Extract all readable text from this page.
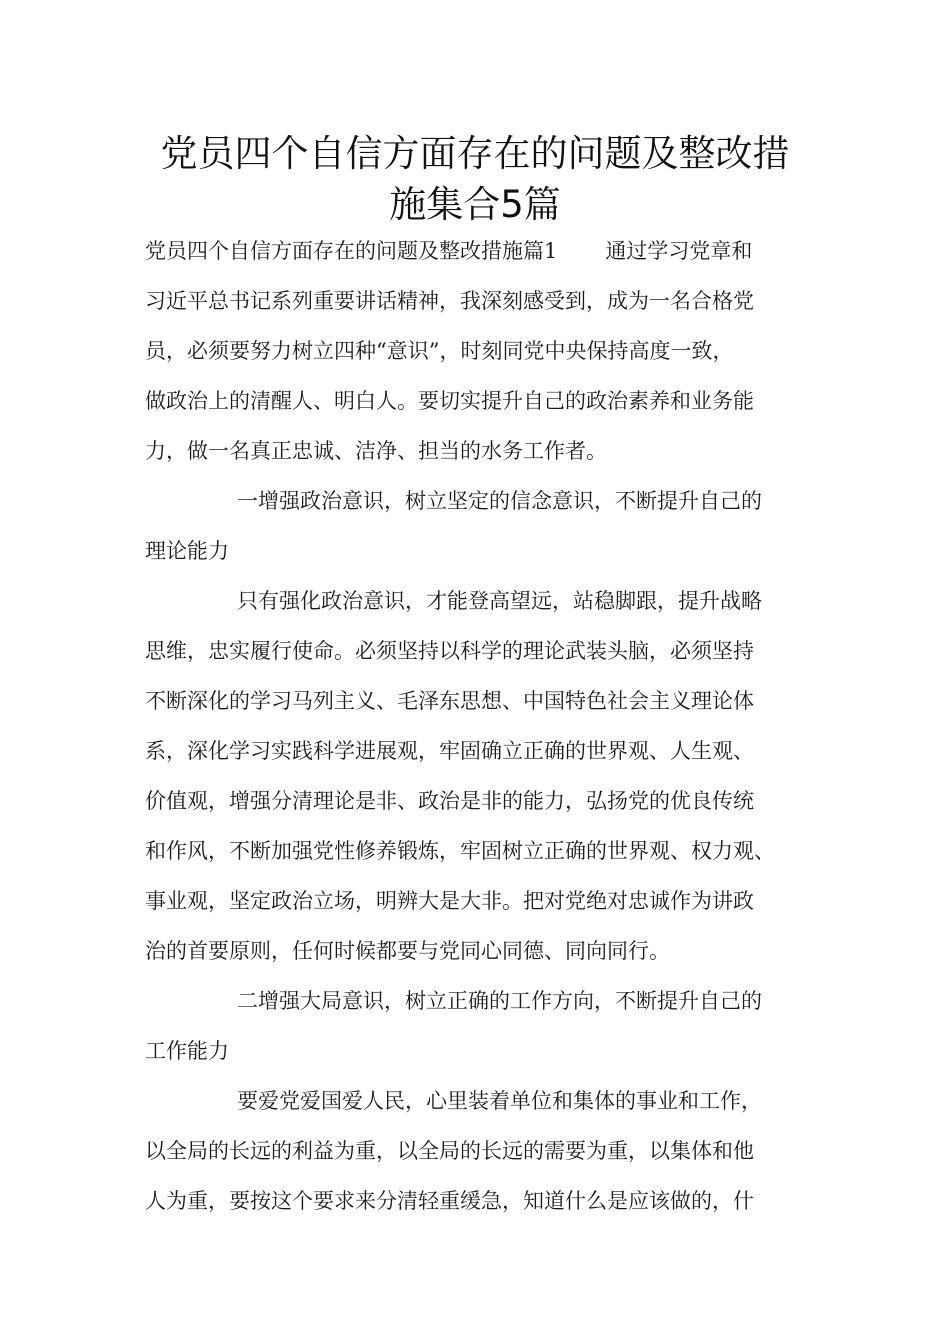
党员四个自信方面存在的问题及整改措
施集合5篇
党员四个自信方面存在的问题及整改措施篇1 通过学习党章和
习近平总书记系列重要讲话精神，我深刻感受到，成为一名合格党
员，必须要努力树立四种“意识”，时刻同党中央保持高度一致，
做政治上的清醒人、明白人。要切实提升自己的政治素养和业务能
力，做一名真正忠诚、洁净、担当的水务工作者。
一增强政治意识，树立坚定的信念意识，不断提升自己的
理论能力
只有强化政治意识，才能登高望远，站稳脚跟，提升战略
思维，忠实履行使命。必须坚持以科学的理论武装头脑，必须坚持
不断深化的学习马列主义、毛泽东思想、中国特色社会主义理论体
系，深化学习实践科学进展观，牢固确立正确的世界观、人生观、
价值观，增强分清理论是非、政治是非的能力，弘扬党的优良传统
和作风，不断加强党性修养锻炼，牢固树立正确的世界观、权力观、
事业观，坚定政治立场，明辨大是大非。把对党绝对忠诚作为讲政
治的首要原则，任何时候都要与党同心同德、同向同行。
二增强大局意识，树立正确的工作方向，不断提升自己的
工作能力
要爱党爱国爱人民，心里装着单位和集体的事业和工作，
以全局的长远的利益为重，以全局的长远的需要为重，以集体和他
人为重，要按这个要求来分清轻重缓急，知道什么是应该做的，什
